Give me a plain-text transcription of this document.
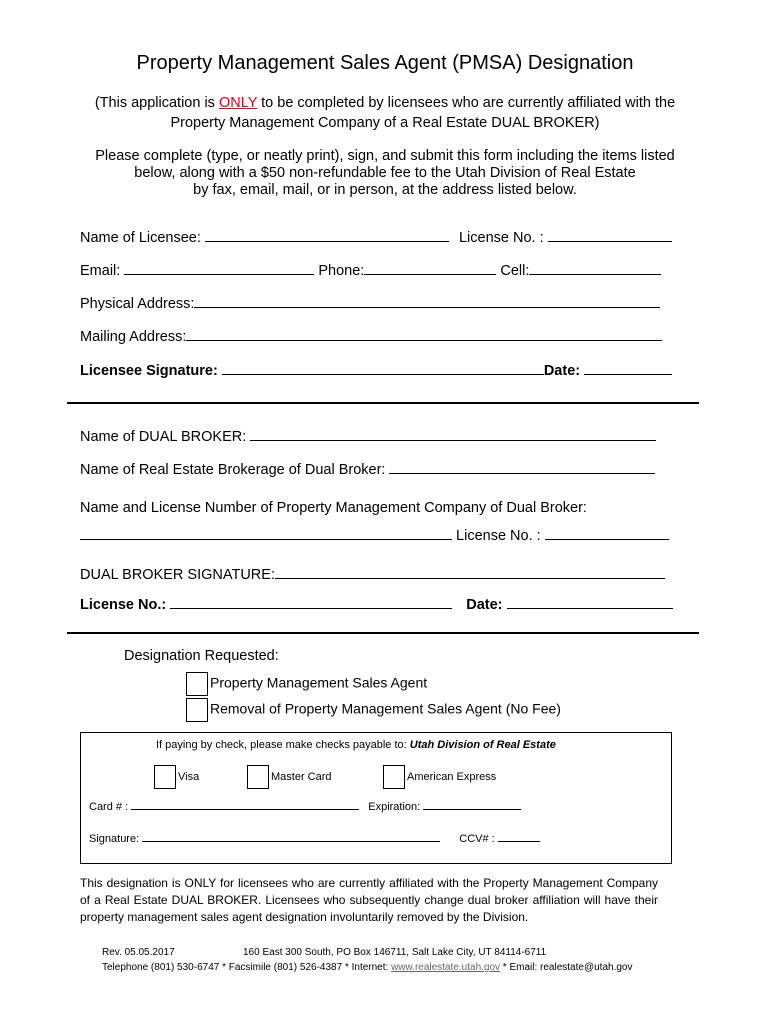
Property Management Sales Agent (PMSA) Designation
(This application is ONLY to be completed by licensees who are currently affiliated with the
Property Management Company of a Real Estate DUAL BROKER)
Please complete (type, or neatly print), sign, and submit this form including the items listed
below, along with a $50 non-refundable fee to the Utah Division of Real Estate
by fax, email, mail, or in person, at the address listed below.
Name of Licensee:	License No. :
Email:	Phone:	Cell:
Physical Address:
Mailing Address:
Licensee Signature:	Date:
Name of DUAL BROKER:
Name of Real Estate Brokerage of Dual Broker:
Name and License Number of Property Management Company of Dual Broker:
License No. :
DUAL BROKER SIGNATURE:
License No.:	Date:
Designation Requested:
Property Management Sales Agent
Removal of Property Management Sales Agent (No Fee)
If paying by check, please make checks payable to: Utah Division of Real Estate
Visa	Master Card	American Express
Card # :	Expiration:
Signature:	CCV# :
This designation is ONLY for licensees who are currently affiliated with the Property Management Company of a Real Estate DUAL BROKER. Licensees who subsequently change dual broker affiliation will have their property management sales agent designation involuntarily removed by the Division.
Rev. 05.05.2017	160 East 300 South, PO Box 146711, Salt Lake City, UT 84114-6711
Telephone (801) 530-6747 * Facsimile (801) 526-4387 * Internet: www.realestate.utah.gov * Email: realestate@utah.gov
